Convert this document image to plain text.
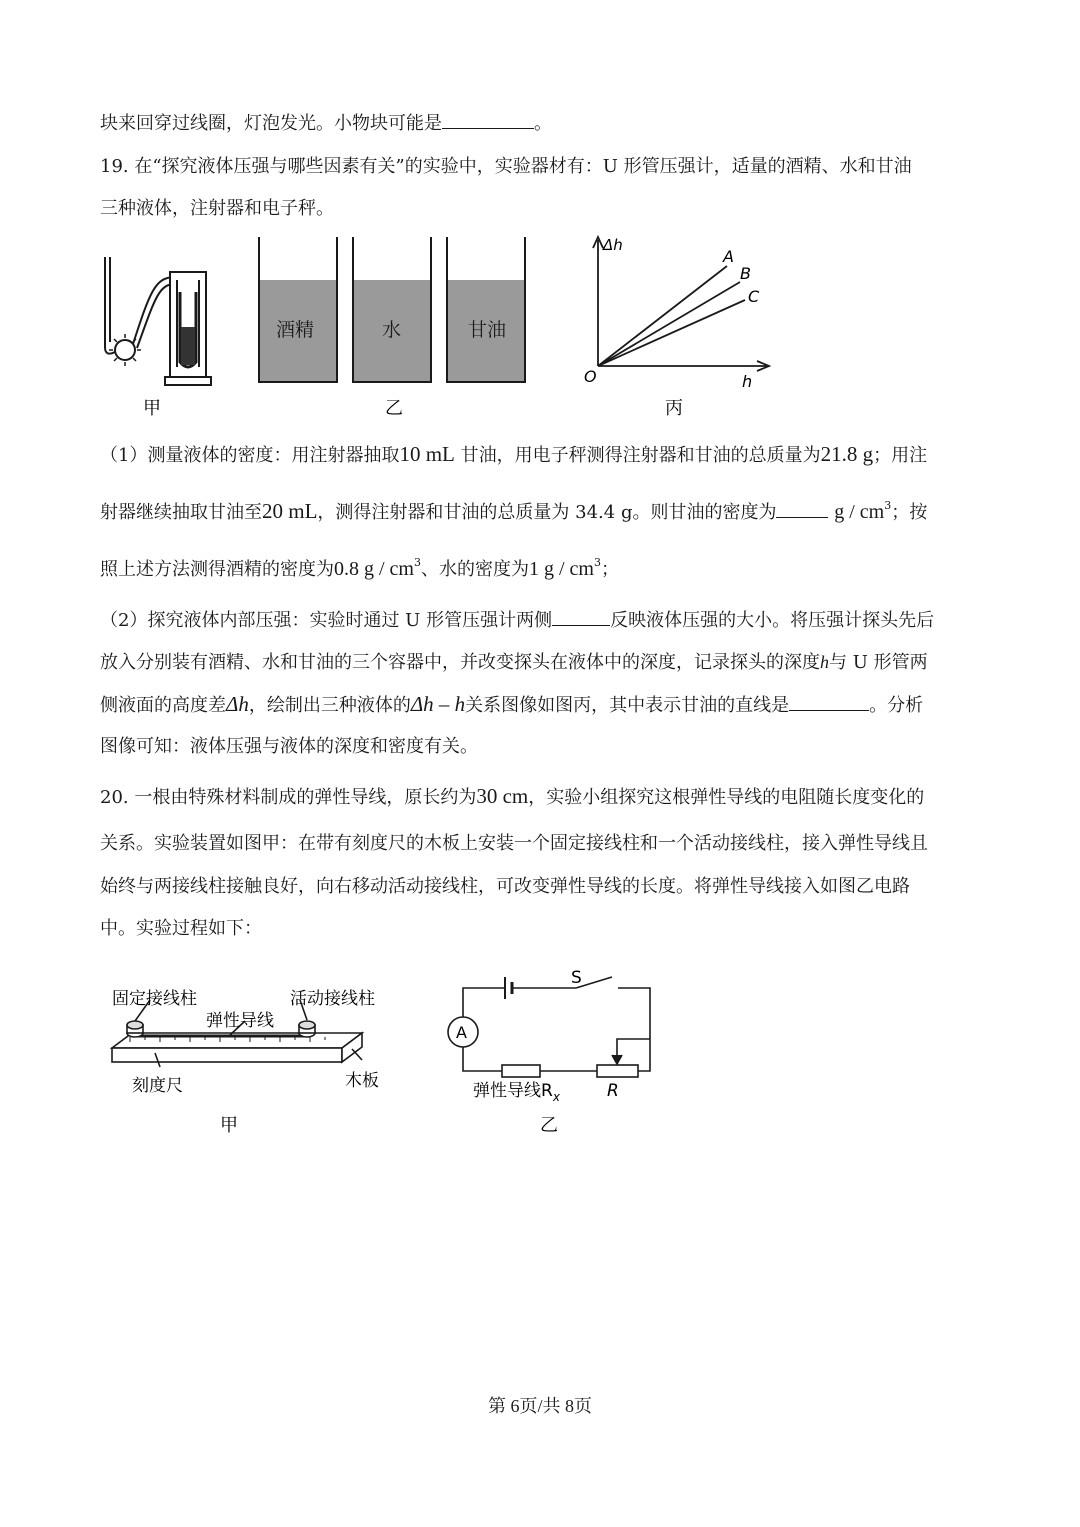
块来回穿过线圈，灯泡发光。小物块可能是	。
19. 在“探究液体压强与哪些因素有关”的实验中，实验器材有：U 形管压强计，适量的酒精、水和甘油
三种液体，注射器和电子秤。
甲
酒精	水	甘油
乙
Δh
h
O
A
B
C
丙
（1）测量液体的密度：用注射器抽取10 mL 甘油，用电子秤测得注射器和甘油的总质量为21.8 g；用注
射器继续抽取甘油至20 mL，测得注射器和甘油的总质量为 34.4 g。则甘油的密度为	g / $cm^3$；按
照上述方法测得酒精的密度为0.8 g / $cm^3$、水的密度为1 g / $cm^3$；
（2）探究液体内部压强：实验时通过 U 形管压强计两侧	反映液体压强的大小。将压强计探头先后
放入分别装有酒精、水和甘油的三个容器中，并改变探头在液体中的深度，记录探头的深度h与 U 形管两
侧液面的高度差Δh，绘制出三种液体的Δh – h关系图像如图丙，其中表示甘油的直线是	。分析
图像可知：液体压强与液体的深度和密度有关。
20. 一根由特殊材料制成的弹性导线，原长约为30 cm，实验小组探究这根弹性导线的电阻随长度变化的
关系。实验装置如图甲：在带有刻度尺的木板上安装一个固定接线柱和一个活动接线柱，接入弹性导线且
始终与两接线柱接触良好，向右移动活动接线柱，可改变弹性导线的长度。将弹性导线接入如图乙电路
中。实验过程如下：
固定接线柱	活动接线柱
弹性导线
刻度尺	木板
甲
S
A
弹性导线$R_x$	R
乙
第 6页/共 8页
